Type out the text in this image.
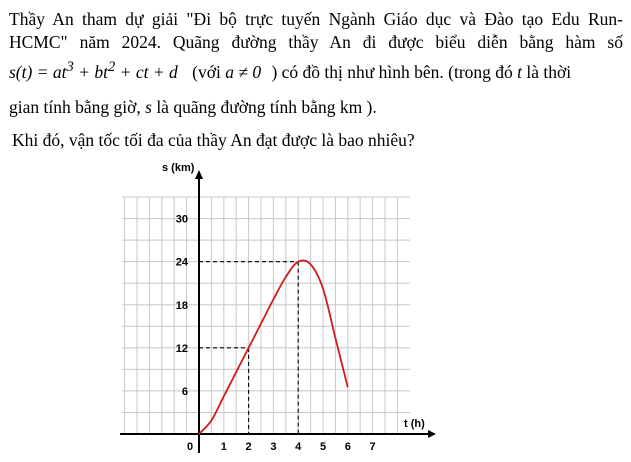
Thầy An tham dự giải "Đi bộ trực tuyến Ngành Giáo dục và Đào tạo Edu Run-
HCMC" năm 2024. Quãng đường thầy An đi được biểu diễn bằng hàm số
$s(t) = at^3 + bt^2$ + ct + d (với a ≠ 0 ) có đồ thị như hình bên. (trong đó t là thời
gian tính bằng giờ, s là quãng đường tính bằng km ).
Khi đó, vận tốc tối đa của thầy An đạt được là bao nhiêu?
0	1 2 3 4 5 6 7
6
12
18
24
30
s (km)
t (h)
